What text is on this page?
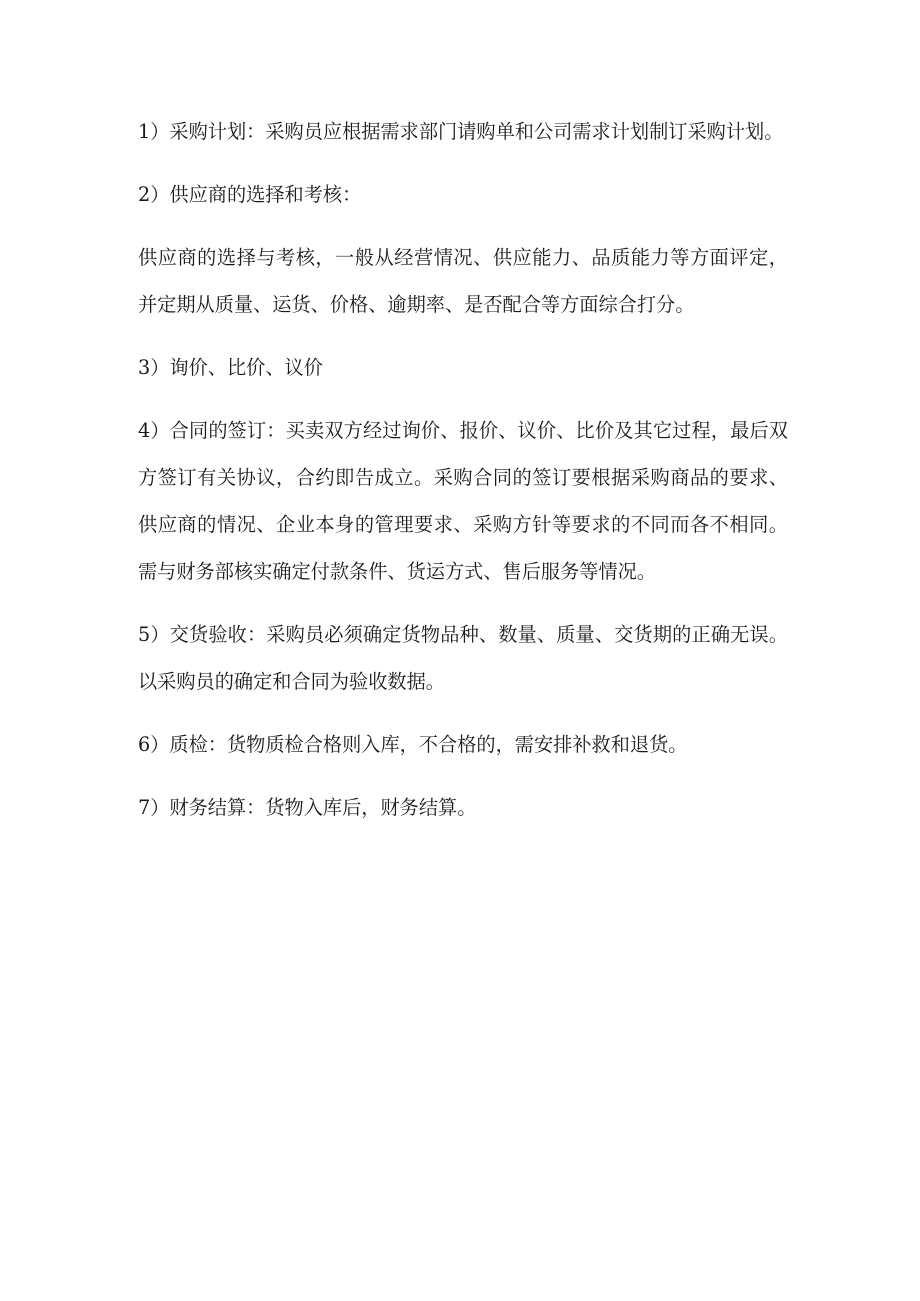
1）采购计划：采购员应根据需求部门请购单和公司需求计划制订采购计划。

2）供应商的选择和考核：

供应商的选择与考核，一般从经营情况、供应能力、品质能力等方面评定，并定期从质量、运货、价格、逾期率、是否配合等方面综合打分。

3）询价、比价、议价

4）合同的签订：买卖双方经过询价、报价、议价、比价及其它过程，最后双方签订有关协议，合约即告成立。采购合同的签订要根据采购商品的要求、供应商的情况、企业本身的管理要求、采购方针等要求的不同而各不相同。需与财务部核实确定付款条件、货运方式、售后服务等情况。

5）交货验收：采购员必须确定货物品种、数量、质量、交货期的正确无误。以采购员的确定和合同为验收数据。

6）质检：货物质检合格则入库，不合格的，需安排补救和退货。

7）财务结算：货物入库后，财务结算。
